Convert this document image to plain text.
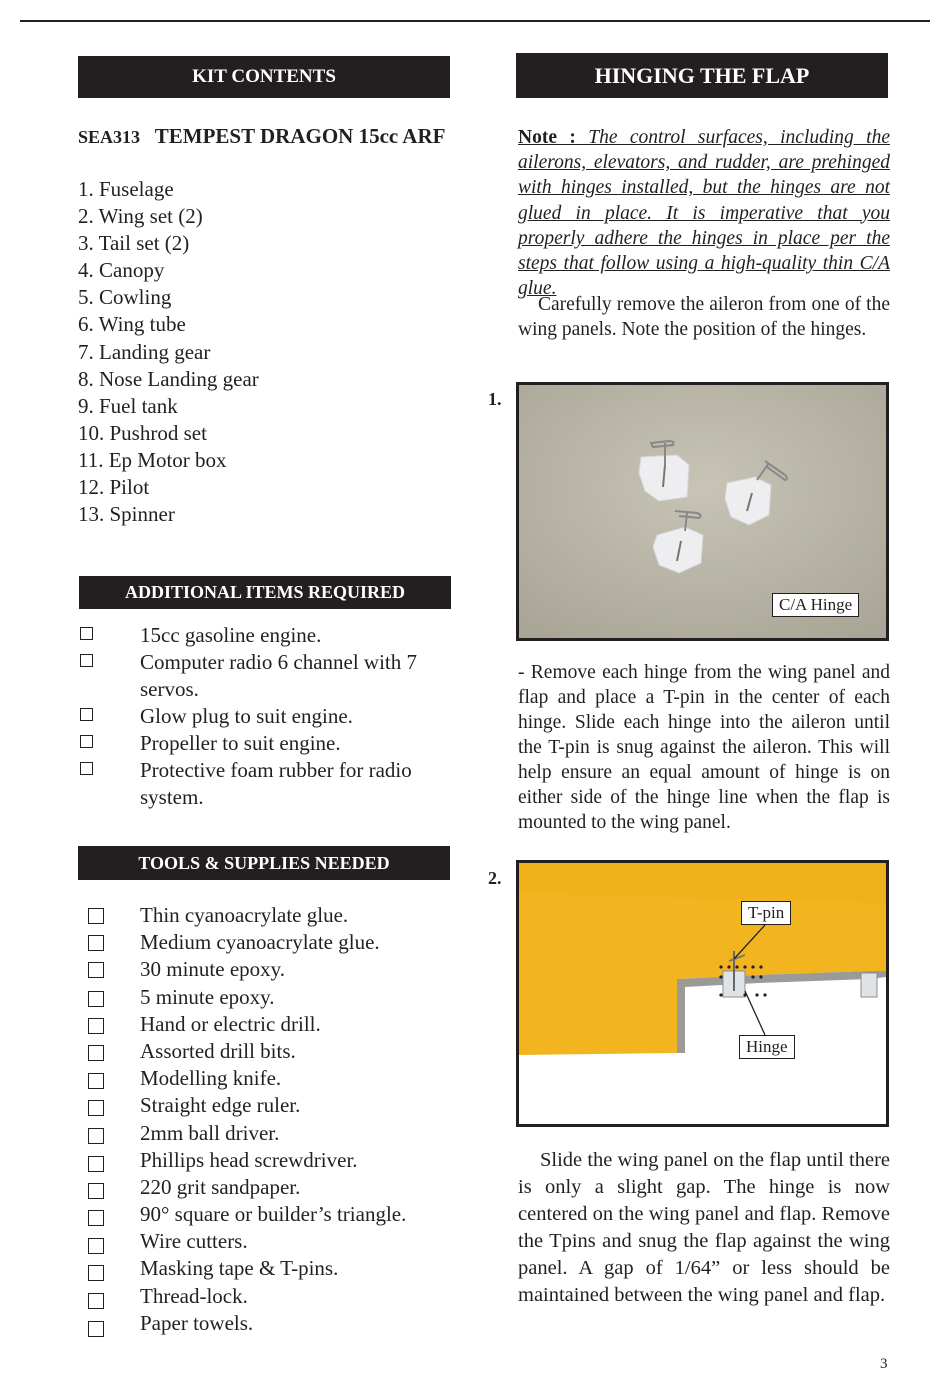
KIT CONTENTS
SEA313 TEMPEST DRAGON 15cc ARF
1. Fuselage
2. Wing set (2)
3. Tail set (2)
4. Canopy
5. Cowling
6. Wing tube
7. Landing gear
8. Nose Landing gear
9. Fuel tank
10. Pushrod set
11. Ep Motor box
12. Pilot
13. Spinner
ADDITIONAL ITEMS REQUIRED
15cc gasoline engine.
Computer radio 6 channel with 7 servos.
Glow plug to suit engine.
Propeller to suit engine.
Protective foam rubber for radio system.
TOOLS & SUPPLIES NEEDED
Thin cyanoacrylate glue.
Medium cyanoacrylate glue.
30 minute epoxy.
5 minute epoxy.
Hand or electric drill.
Assorted drill bits.
Modelling knife.
Straight edge ruler.
2mm ball driver.
Phillips head screwdriver.
220 grit sandpaper.
90° square or builder’s triangle.
Wire cutters.
Masking tape & T-pins.
Thread-lock.
Paper towels.
HINGING THE FLAP
Note : The control surfaces, including the ailerons, elevators, and rudder, are prehinged with hinges installed, but the hinges are not glued in place. It is imperative that you properly adhere the hinges in place per the steps that follow using a high-quality thin C/A glue.
Carefully remove the aileron from one of the wing panels. Note the position of the hinges.
1.
C/A Hinge
- Remove each hinge from the wing panel and flap and place a T-pin in the center of each hinge. Slide each hinge into the aileron until the T-pin is snug against the aileron. This will help ensure an equal amount of hinge is on either side of the hinge line when the flap is mounted to the wing panel.
2.
T-pin
Hinge
Slide the wing panel on the flap until there is only a slight gap. The hinge is now centered on the wing panel and flap. Remove the Tpins and snug the flap against the wing panel. A gap of 1/64” or less should be maintained between the wing panel and flap.
3
